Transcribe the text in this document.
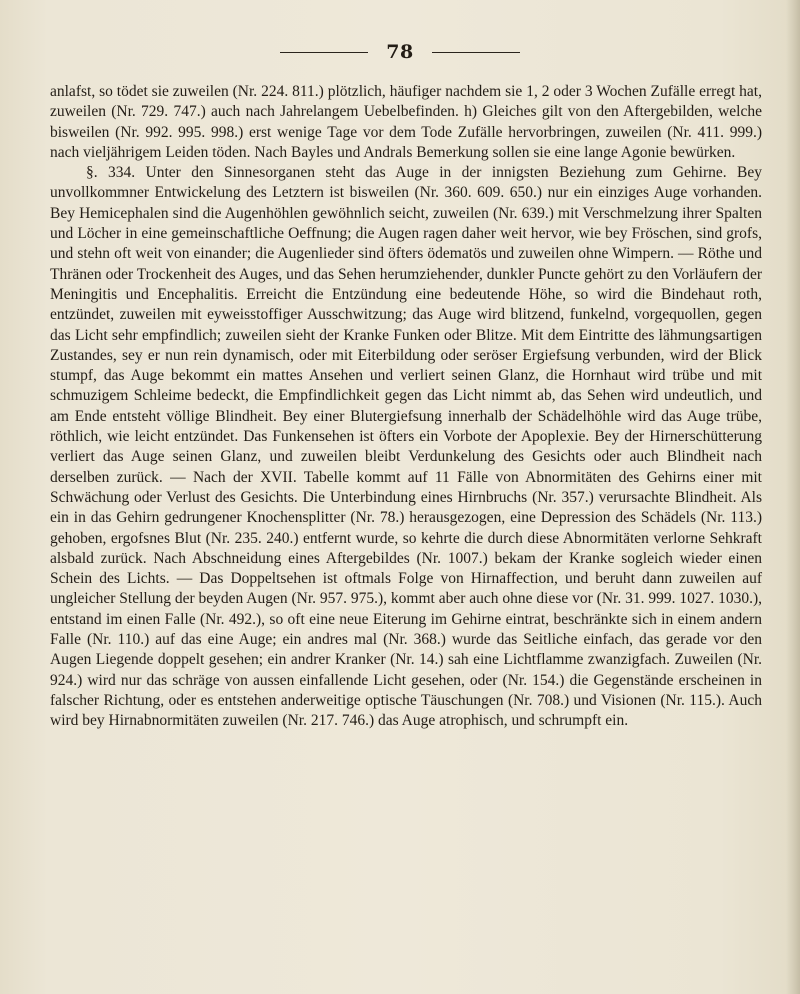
78

anlafst, so tödet sie zuweilen (Nr. 224. 811.) plötzlich, häufiger nachdem sie 1, 2 oder 3 Wochen Zufälle erregt hat, zuweilen (Nr. 729. 747.) auch nach Jahrelangem Uebelbefinden. h) Gleiches gilt von den Aftergebilden, welche bisweilen (Nr. 992. 995. 998.) erst wenige Tage vor dem Tode Zufälle hervorbringen, zuweilen (Nr. 411. 999.) nach vieljährigem Leiden töden. Nach Bayles und Andrals Bemerkung sollen sie eine lange Agonie bewürken.

§. 334. Unter den Sinnesorganen steht das Auge in der innigsten Beziehung zum Gehirne. Bey unvollkommner Entwickelung des Letztern ist bisweilen (Nr. 360. 609. 650.) nur ein einziges Auge vorhanden. Bey Hemicephalen sind die Augenhöhlen gewöhnlich seicht, zuweilen (Nr. 639.) mit Verschmelzung ihrer Spalten und Löcher in eine gemeinschaftliche Oeffnung; die Augen ragen daher weit hervor, wie bey Fröschen, sind grofs, und stehn oft weit von einander; die Augenlieder sind öfters ödematös und zuweilen ohne Wimpern. — Röthe und Thränen oder Trockenheit des Auges, und das Sehen herumziehender, dunkler Puncte gehört zu den Vorläufern der Meningitis und Encephalitis. Erreicht die Entzündung eine bedeutende Höhe, so wird die Bindehaut roth, entzündet, zuweilen mit eyweisstoffiger Ausschwitzung; das Auge wird blitzend, funkelnd, vorgequollen, gegen das Licht sehr empfindlich; zuweilen sieht der Kranke Funken oder Blitze. Mit dem Eintritte des lähmungsartigen Zustandes, sey er nun rein dynamisch, oder mit Eiterbildung oder seröser Ergiefsung verbunden, wird der Blick stumpf, das Auge bekommt ein mattes Ansehen und verliert seinen Glanz, die Hornhaut wird trübe und mit schmuzigem Schleime bedeckt, die Empfindlichkeit gegen das Licht nimmt ab, das Sehen wird undeutlich, und am Ende entsteht völlige Blindheit. Bey einer Blutergiefsung innerhalb der Schädelhöhle wird das Auge trübe, röthlich, wie leicht entzündet. Das Funkensehen ist öfters ein Vorbote der Apoplexie. Bey der Hirnerschütterung verliert das Auge seinen Glanz, und zuweilen bleibt Verdunkelung des Gesichts oder auch Blindheit nach derselben zurück. — Nach der XVII. Tabelle kommt auf 11 Fälle von Abnormitäten des Gehirns einer mit Schwächung oder Verlust des Gesichts. Die Unterbindung eines Hirnbruchs (Nr. 357.) verursachte Blindheit. Als ein in das Gehirn gedrungener Knochensplitter (Nr. 78.) herausgezogen, eine Depression des Schädels (Nr. 113.) gehoben, ergofsnes Blut (Nr. 235. 240.) entfernt wurde, so kehrte die durch diese Abnormitäten verlorne Sehkraft alsbald zurück. Nach Abschneidung eines Aftergebildes (Nr. 1007.) bekam der Kranke sogleich wieder einen Schein des Lichts. — Das Doppeltsehen ist oftmals Folge von Hirnaffection, und beruht dann zuweilen auf ungleicher Stellung der beyden Augen (Nr. 957. 975.), kommt aber auch ohne diese vor (Nr. 31. 999. 1027. 1030.), entstand im einen Falle (Nr. 492.), so oft eine neue Eiterung im Gehirne eintrat, beschränkte sich in einem andern Falle (Nr. 110.) auf das eine Auge; ein andres mal (Nr. 368.) wurde das Seitliche einfach, das gerade vor den Augen Liegende doppelt gesehen; ein andrer Kranker (Nr. 14.) sah eine Lichtflamme zwanzigfach. Zuweilen (Nr. 924.) wird nur das schräge von aussen einfallende Licht gesehen, oder (Nr. 154.) die Gegenstände erscheinen in falscher Richtung, oder es entstehen anderweitige optische Täuschungen (Nr. 708.) und Visionen (Nr. 115.). Auch wird bey Hirnabnormitäten zuweilen (Nr. 217. 746.) das Auge atrophisch, und schrumpft ein.
